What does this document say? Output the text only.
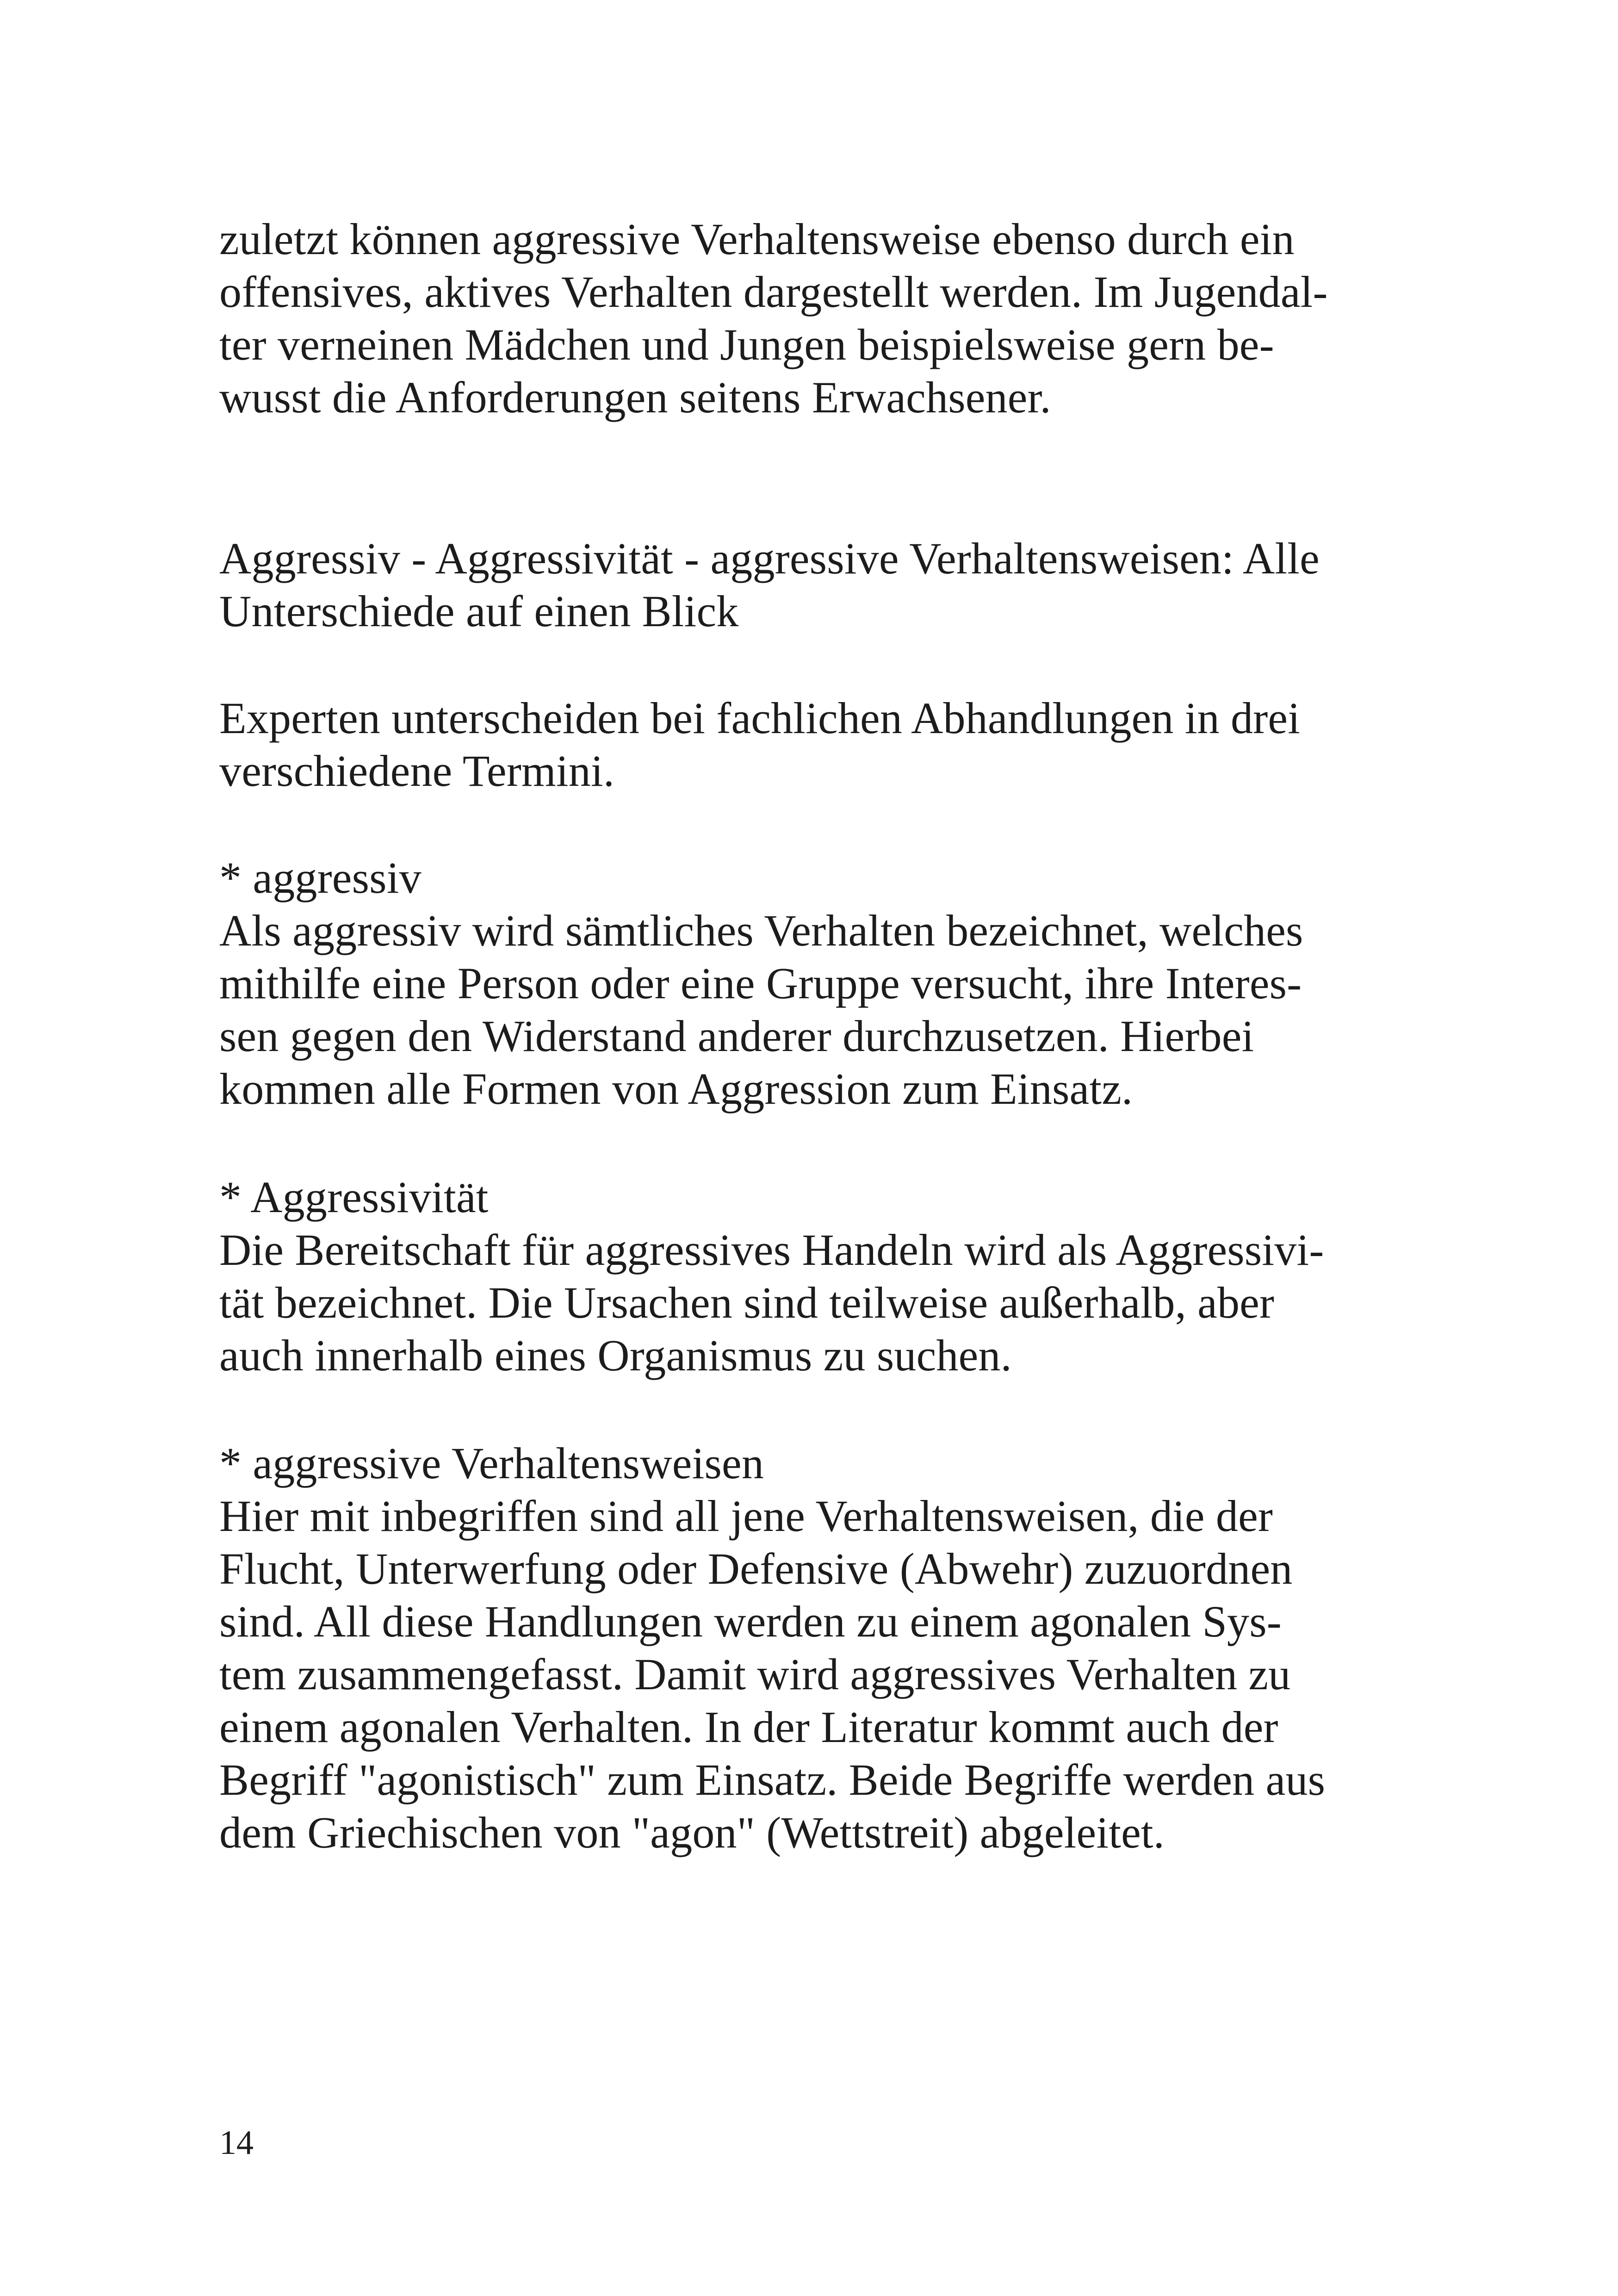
zuletzt können aggressive Verhaltensweise ebenso durch ein
offensives, aktives Verhalten dargestellt werden. Im Jugendal-
ter verneinen Mädchen und Jungen beispielsweise gern be-
wusst die Anforderungen seitens Erwachsener.
Aggressiv - Aggressivität - aggressive Verhaltensweisen: Alle
Unterschiede auf einen Blick
Experten unterscheiden bei fachlichen Abhandlungen in drei
verschiedene Termini.
* aggressiv
Als aggressiv wird sämtliches Verhalten bezeichnet, welches
mithilfe eine Person oder eine Gruppe versucht, ihre Interes-
sen gegen den Widerstand anderer durchzusetzen. Hierbei
kommen alle Formen von Aggression zum Einsatz.
* Aggressivität
Die Bereitschaft für aggressives Handeln wird als Aggressivi-
tät bezeichnet. Die Ursachen sind teilweise außerhalb, aber
auch innerhalb eines Organismus zu suchen.
* aggressive Verhaltensweisen
Hier mit inbegriffen sind all jene Verhaltensweisen, die der
Flucht, Unterwerfung oder Defensive (Abwehr) zuzuordnen
sind. All diese Handlungen werden zu einem agonalen Sys-
tem zusammengefasst. Damit wird aggressives Verhalten zu
einem agonalen Verhalten. In der Literatur kommt auch der
Begriff "agonistisch" zum Einsatz. Beide Begriffe werden aus
dem Griechischen von "agon" (Wettstreit) abgeleitet.
14
